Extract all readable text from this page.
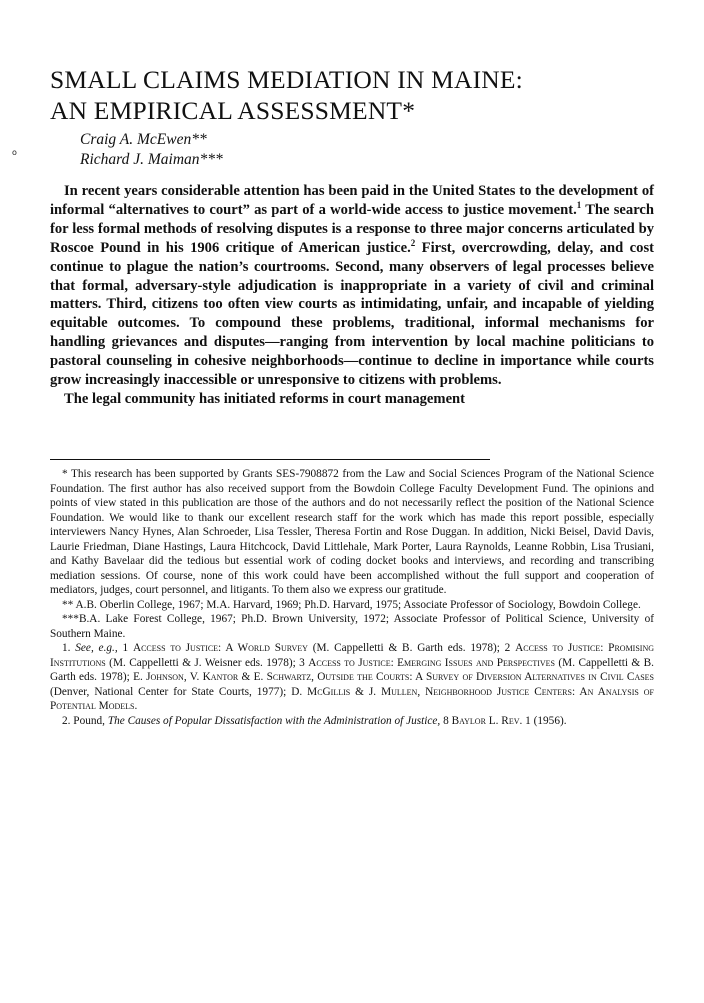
SMALL CLAIMS MEDIATION IN MAINE:
AN EMPIRICAL ASSESSMENT*
Craig A. McEwen**
Richard J. Maiman***

In recent years considerable attention has been paid in the United States to the development of informal “alternatives to court” as part of a world-wide access to justice movement.$^1$ The search for less formal methods of resolving disputes is a response to three major concerns articulated by Roscoe Pound in his 1906 critique of American justice.$^2$ First, overcrowding, delay, and cost continue to plague the nation’s courtrooms. Second, many observers of legal processes believe that formal, adversary-style adjudication is inappropriate in a variety of civil and criminal matters. Third, citizens too often view courts as intimidating, unfair, and incapable of yielding equitable outcomes. To compound these problems, traditional, informal mechanisms for handling grievances and disputes—ranging from intervention by local machine politicians to pastoral counseling in cohesive neighborhoods—continue to decline in importance while courts grow increasingly inaccessible or unresponsive to citizens with problems.

The legal community has initiated reforms in court management

* This research has been supported by Grants SES-7908872 from the Law and Social Sciences Program of the National Science Foundation. The first author has also received support from the Bowdoin College Faculty Development Fund. The opinions and points of view stated in this publication are those of the authors and do not necessarily reflect the position of the National Science Foundation. We would like to thank our excellent research staff for the work which has made this report possible, especially interviewers Nancy Hynes, Alan Schroeder, Lisa Tessler, Theresa Fortin and Rose Duggan. In addition, Nicki Beisel, David Davis, Laurie Friedman, Diane Hastings, Laura Hitchcock, David Littlehale, Mark Porter, Laura Raynolds, Leanne Robbin, Lisa Trusiani, and Kathy Bavelaar did the tedious but essential work of coding docket books and interviews, and recording and transcribing mediation sessions. Of course, none of this work could have been accomplished without the full support and cooperation of mediators, judges, court personnel, and litigants. To them also we express our gratitude.

** A.B. Oberlin College, 1967; M.A. Harvard, 1969; Ph.D. Harvard, 1975; Associate Professor of Sociology, Bowdoin College.

***B.A. Lake Forest College, 1967; Ph.D. Brown University, 1972; Associate Professor of Political Science, University of Southern Maine.

1. See, e.g., 1 Access to Justice: A World Survey (M. Cappelletti & B. Garth eds. 1978); 2 Access to Justice: Promising Institutions (M. Cappelletti & J. Weisner eds. 1978); 3 Access to Justice: Emerging Issues and Perspectives (M. Cappelletti & B. Garth eds. 1978); E. Johnson, V. Kantor & E. Schwartz, Outside the Courts: A Survey of Diversion Alternatives in Civil Cases (Denver, National Center for State Courts, 1977); D. McGillis & J. Mullen, Neighborhood Justice Centers: An Analysis of Potential Models.

2. Pound, The Causes of Popular Dissatisfaction with the Administration of Justice, 8 Baylor L. Rev. 1 (1956).

o
